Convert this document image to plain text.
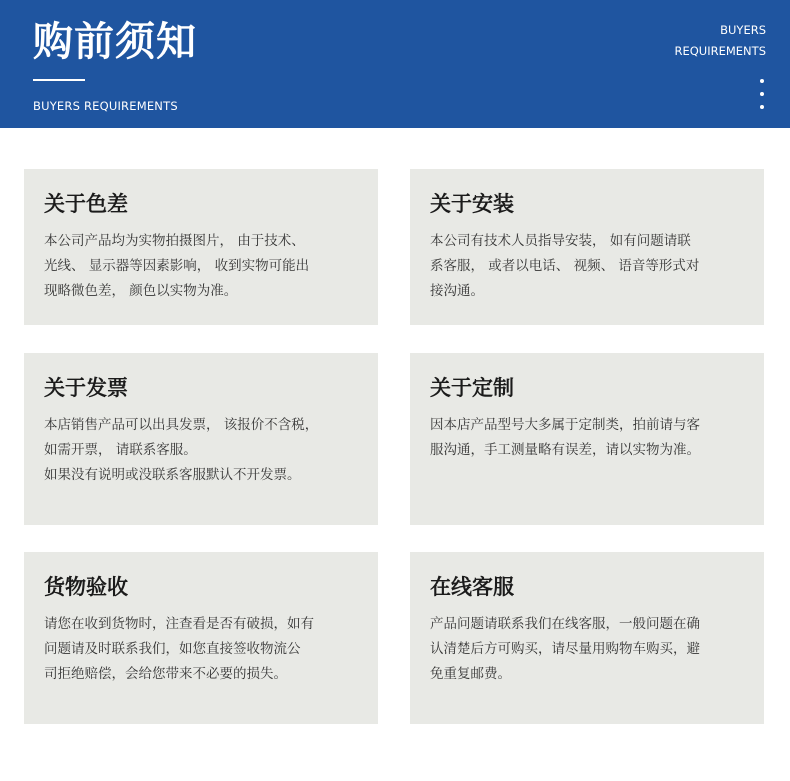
购前须知
BUYERS REQUIREMENTS
BUYERS
REQUIREMENTS
关于色差
本公司产品均为实物拍摄图片， 由于技术、
光线、 显示器等因素影响， 收到实物可能出
现略微色差， 颜色以实物为准。
关于安装
本公司有技术人员指导安装， 如有问题请联
系客服， 或者以电话、 视频、 语音等形式对
接沟通。
关于发票
本店销售产品可以出具发票， 该报价不含税，
如需开票， 请联系客服。
如果没有说明或没联系客服默认不开发票。
关于定制
因本店产品型号大多属于定制类，拍前请与客
服沟通，手工测量略有误差，请以实物为准。
货物验收
请您在收到货物时，注查看是否有破损，如有
问题请及时联系我们，如您直接签收物流公
司拒绝赔偿，会给您带来不必要的损失。
在线客服
产品问题请联系我们在线客服，一般问题在确
认清楚后方可购买，请尽量用购物车购买，避
免重复邮费。
